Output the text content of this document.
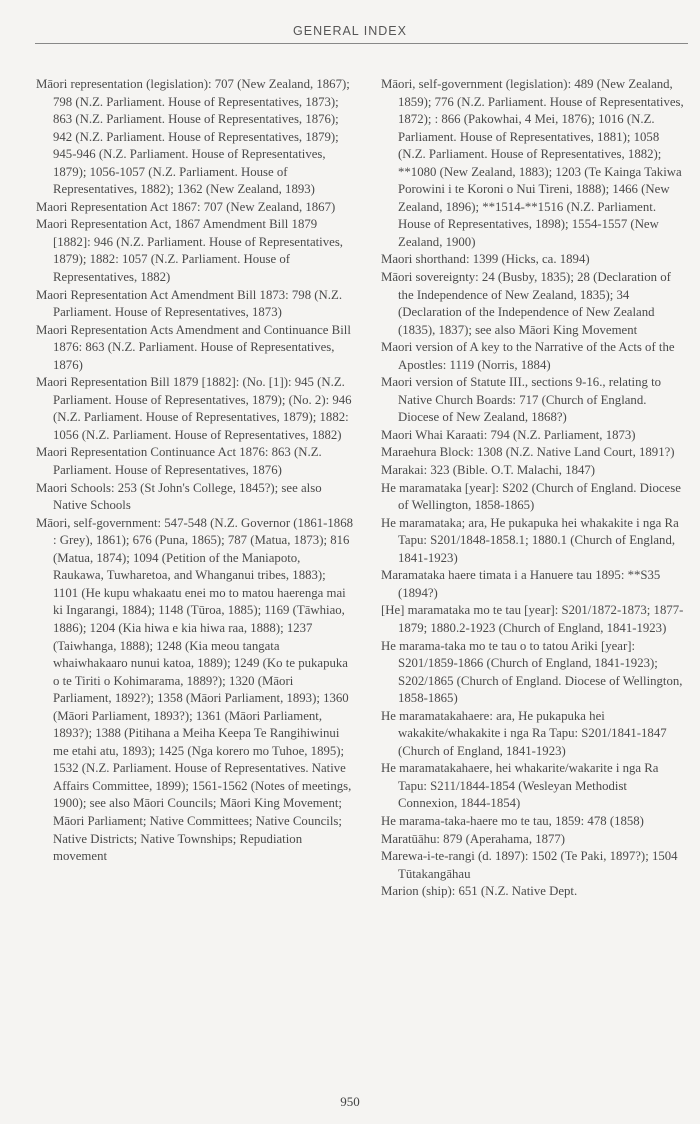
GENERAL INDEX

Māori representation (legislation): 707 (New Zealand, 1867); 798 (N.Z. Parliament. House of Representatives, 1873); 863 (N.Z. Parliament. House of Representatives, 1876); 942 (N.Z. Parliament. House of Representatives, 1879); 945-946 (N.Z. Parliament. House of Representatives, 1879); 1056-1057 (N.Z. Parliament. House of Representatives, 1882); 1362 (New Zealand, 1893)

Maori Representation Act 1867: 707 (New Zealand, 1867)

Maori Representation Act, 1867 Amendment Bill 1879 [1882]: 946 (N.Z. Parliament. House of Representatives, 1879); 1882: 1057 (N.Z. Parliament. House of Representatives, 1882)

Maori Representation Act Amendment Bill 1873: 798 (N.Z. Parliament. House of Representatives, 1873)

Maori Representation Acts Amendment and Continuance Bill 1876: 863 (N.Z. Parliament. House of Representatives, 1876)

Maori Representation Bill 1879 [1882]: (No. [1]): 945 (N.Z. Parliament. House of Representatives, 1879); (No. 2): 946 (N.Z. Parliament. House of Representatives, 1879); 1882: 1056 (N.Z. Parliament. House of Representatives, 1882)

Maori Representation Continuance Act 1876: 863 (N.Z. Parliament. House of Representatives, 1876)

Maori Schools: 253 (St John's College, 1845?); see also Native Schools

Māori, self-government: 547-548 (N.Z. Governor (1861-1868 : Grey), 1861); 676 (Puna, 1865); 787 (Matua, 1873); 816 (Matua, 1874); 1094 (Petition of the Maniapoto, Raukawa, Tuwharetoa, and Whanganui tribes, 1883); 1101 (He kupu whakaatu enei mo to matou haerenga mai ki Ingarangi, 1884); 1148 (Tūroa, 1885); 1169 (Tāwhiao, 1886); 1204 (Kia hiwa e kia hiwa raa, 1888); 1237 (Taiwhanga, 1888); 1248 (Kia meou tangata whaiwhakaaro nunui katoa, 1889); 1249 (Ko te pukapuka o te Tiriti o Kohimarama, 1889?); 1320 (Māori Parliament, 1892?); 1358 (Māori Parliament, 1893); 1360 (Māori Parliament, 1893?); 1361 (Māori Parliament, 1893?); 1388 (Pitihana a Meiha Keepa Te Rangihiwinui me etahi atu, 1893); 1425 (Nga korero mo Tuhoe, 1895); 1532 (N.Z. Parliament. House of Representatives. Native Affairs Committee, 1899); 1561-1562 (Notes of meetings, 1900); see also Māori Councils; Māori King Movement; Māori Parliament; Native Committees; Native Councils; Native Districts; Native Townships; Repudiation movement

Māori, self-government (legislation): 489 (New Zealand, 1859); 776 (N.Z. Parliament. House of Representatives, 1872); : 866 (Pakowhai, 4 Mei, 1876); 1016 (N.Z. Parliament. House of Representatives, 1881); 1058 (N.Z. Parliament. House of Representatives, 1882); **1080 (New Zealand, 1883); 1203 (Te Kainga Takiwa Porowini i te Koroni o Nui Tireni, 1888); 1466 (New Zealand, 1896); **1514-**1516 (N.Z. Parliament. House of Representatives, 1898); 1554-1557 (New Zealand, 1900)

Maori shorthand: 1399 (Hicks, ca. 1894)

Māori sovereignty: 24 (Busby, 1835); 28 (Declaration of the Independence of New Zealand, 1835); 34 (Declaration of the Independence of New Zealand (1835), 1837); see also Māori King Movement

Maori version of A key to the Narrative of the Acts of the Apostles: 1119 (Norris, 1884)

Maori version of Statute III., sections 9-16., relating to Native Church Boards: 717 (Church of England. Diocese of New Zealand, 1868?)

Maori Whai Karaati: 794 (N.Z. Parliament, 1873)

Maraehura Block: 1308 (N.Z. Native Land Court, 1891?)

Marakai: 323 (Bible. O.T. Malachi, 1847)

He maramataka [year]: S202 (Church of England. Diocese of Wellington, 1858-1865)

He maramataka; ara, He pukapuka hei whakakite i nga Ra Tapu: S201/1848-1858.1; 1880.1 (Church of England, 1841-1923)

Maramataka haere timata i a Hanuere tau 1895: **S35 (1894?)

[He] maramataka mo te tau [year]: S201/1872-1873; 1877-1879; 1880.2-1923 (Church of England, 1841-1923)

He marama-taka mo te tau o to tatou Ariki [year]: S201/1859-1866 (Church of England, 1841-1923); S202/1865 (Church of England. Diocese of Wellington, 1858-1865)

He maramatakahaere: ara, He pukapuka hei wakakite/whakakite i nga Ra Tapu: S201/1841-1847 (Church of England, 1841-1923)

He maramatakahaere, hei whakarite/wakarite i nga Ra Tapu: S211/1844-1854 (Wesleyan Methodist Connexion, 1844-1854)

He marama-taka-haere mo te tau, 1859: 478 (1858)

Maratūāhu: 879 (Aperahama, 1877)

Marewa-i-te-rangi (d. 1897): 1502 (Te Paki, 1897?); 1504 Tūtakangāhau

Marion (ship): 651 (N.Z. Native Dept.

950
